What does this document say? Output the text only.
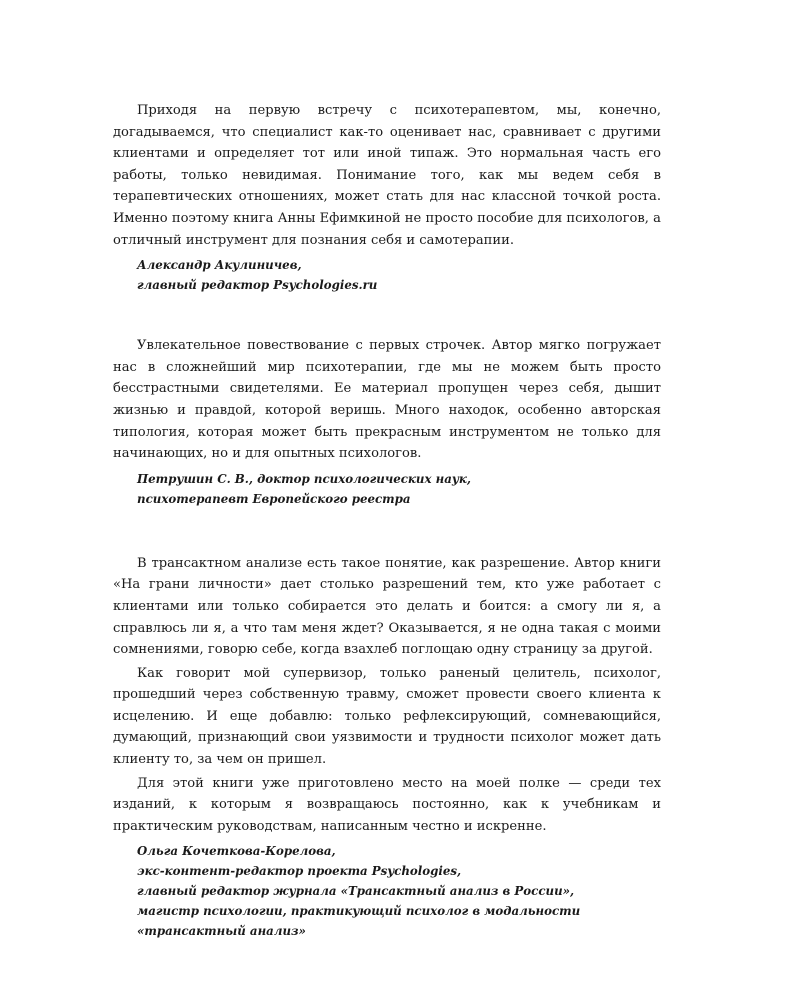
Приходя на первую встречу с психотерапевтом, мы, конечно, догадываемся, что специалист как-то оценивает нас, сравнивает с другими клиентами и определяет тот или иной типаж. Это нормальная часть его работы, только невидимая. Понимание того, как мы ведем себя в терапевтических отношениях, может стать для нас классной точкой роста. Именно поэтому книга Анны Ефимкиной не просто пособие для психологов, а отличный инструмент для познания себя и самотерапии.

Александр Акулиничев,
главный редактор Psychologies.ru

Увлекательное повествование с первых строчек. Автор мягко погружает нас в сложнейший мир психотерапии, где мы не можем быть просто бесстрастными свидетелями. Ее материал пропущен через себя, дышит жизнью и правдой, которой веришь. Много находок, особенно авторская типология, которая может быть прекрасным инструментом не только для начинающих, но и для опытных психологов.

Петрушин С. В., доктор психологических наук,
психотерапевт Европейского реестра

В трансактном анализе есть такое понятие, как разрешение. Автор книги «На грани личности» дает столько разрешений тем, кто уже работает с клиентами или только собирается это делать и боится: а смогу ли я, а справлюсь ли я, а что там меня ждет? Оказывается, я не одна такая с моими сомнениями, говорю себе, когда взахлеб поглощаю одну страницу за другой.

Как говорит мой супервизор, только раненый целитель, психолог, прошедший через собственную травму, сможет провести своего клиента к исцелению. И еще добавлю: только рефлексирующий, сомневающийся, думающий, признающий свои уязвимости и трудности психолог может дать клиенту то, за чем он пришел.

Для этой книги уже приготовлено место на моей полке — среди тех изданий, к которым я возвращаюсь постоянно, как к учебникам и практическим руководствам, написанным честно и искренне.

Ольга Кочеткова-Корелова,
экс-контент-редактор проекта Psychologies,
главный редактор журнала «Трансактный анализ в России»,
магистр психологии, практикующий психолог в модальности
«трансактный анализ»
